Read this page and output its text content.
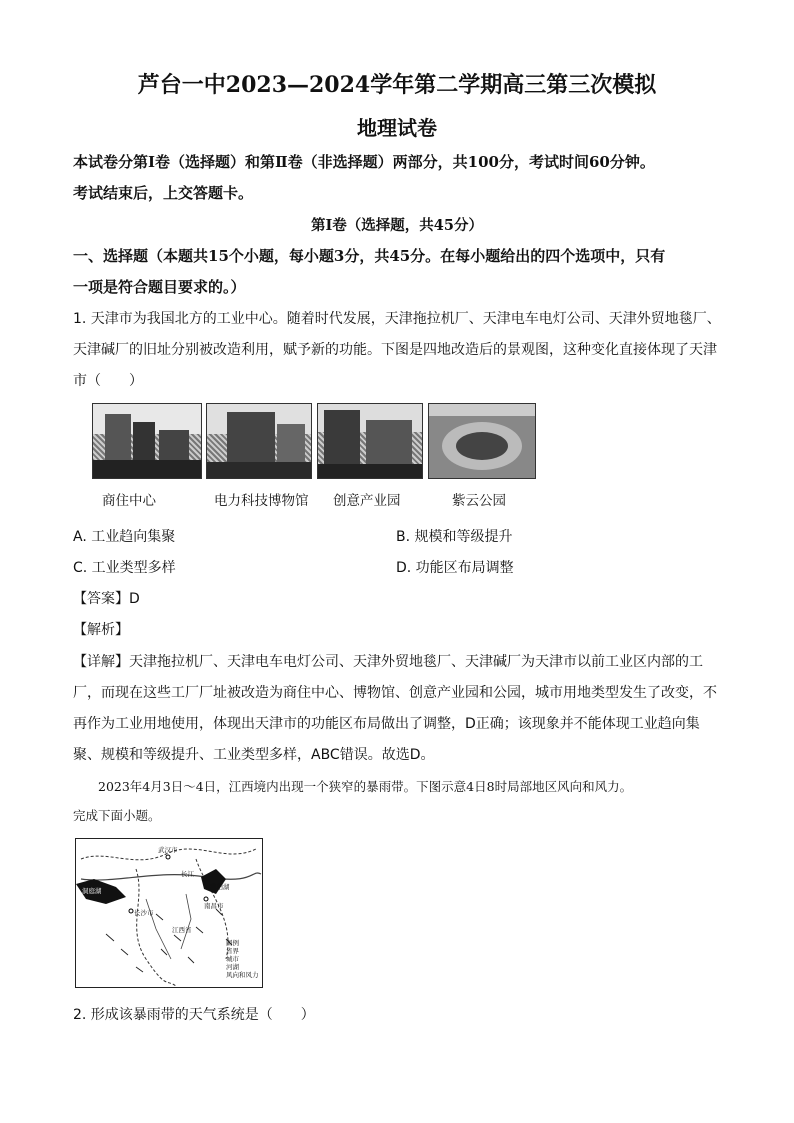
芦台一中2023—2024学年第二学期高三第三次模拟
地理试卷
本试卷分第Ⅰ卷（选择题）和第Ⅱ卷（非选择题）两部分，共100分，考试时间60分钟。
考试结束后，上交答题卡。
第Ⅰ卷（选择题，共45分）
一、选择题（本题共15个小题，每小题3分，共45分。在每小题给出的四个选项中，只有
一项是符合题目要求的。）
1. 天津市为我国北方的工业中心。随着时代发展，天津拖拉机厂、天津电车电灯公司、天津外贸地毯厂、
天津碱厂的旧址分别被改造利用，赋予新的功能。下图是四地改造后的景观图，这种变化直接体现了天津
市（　　）
商住中心	电力科技博物馆 创意产业园	紫云公园
A. 工业趋向集聚	B. 规模和等级提升
C. 工业类型多样	D. 功能区布局调整
【答案】D
【解析】
【详解】天津拖拉机厂、天津电车电灯公司、天津外贸地毯厂、天津碱厂为天津市以前工业区内部的工
厂，而现在这些工厂厂址被改造为商住中心、博物馆、创意产业园和公园，城市用地类型发生了改变，不
再作为工业用地使用，体现出天津市的功能区布局做出了调整，D正确；该现象并不能体现工业趋向集
聚、规模和等级提升、工业类型多样，ABC错误。故选D。
2023年4月3日～4日，江西境内出现一个狭窄的暴雨带。下图示意4日8时局部地区风向和风力。
完成下面小题。
武汉市
洞庭湖	鄱阳湖
长沙市
南昌市
江西省
长江
图例
省界
城市
河湖
风向和风力
2. 形成该暴雨带的天气系统是（　　）
